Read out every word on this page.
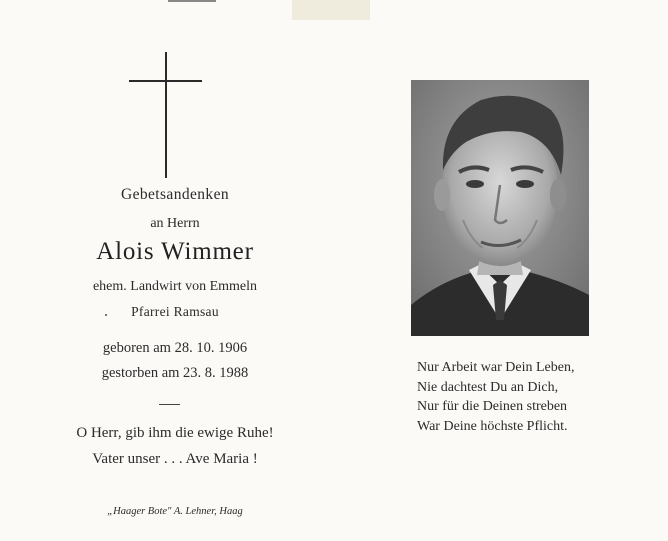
Gebetsandenken
an Herrn
Alois Wimmer
ehem. Landwirt von Emmeln
Pfarrei Ramsau
geboren am 28. 10. 1906
gestorben am 23. 8. 1988
O Herr, gib ihm die ewige Ruhe!
Vater unser . . . Ave Maria !
„Haager Bote" A. Lehner, Haag
Nur Arbeit war Dein Leben,
Nie dachtest Du an Dich,
Nur für die Deinen streben
War Deine höchste Pflicht.
